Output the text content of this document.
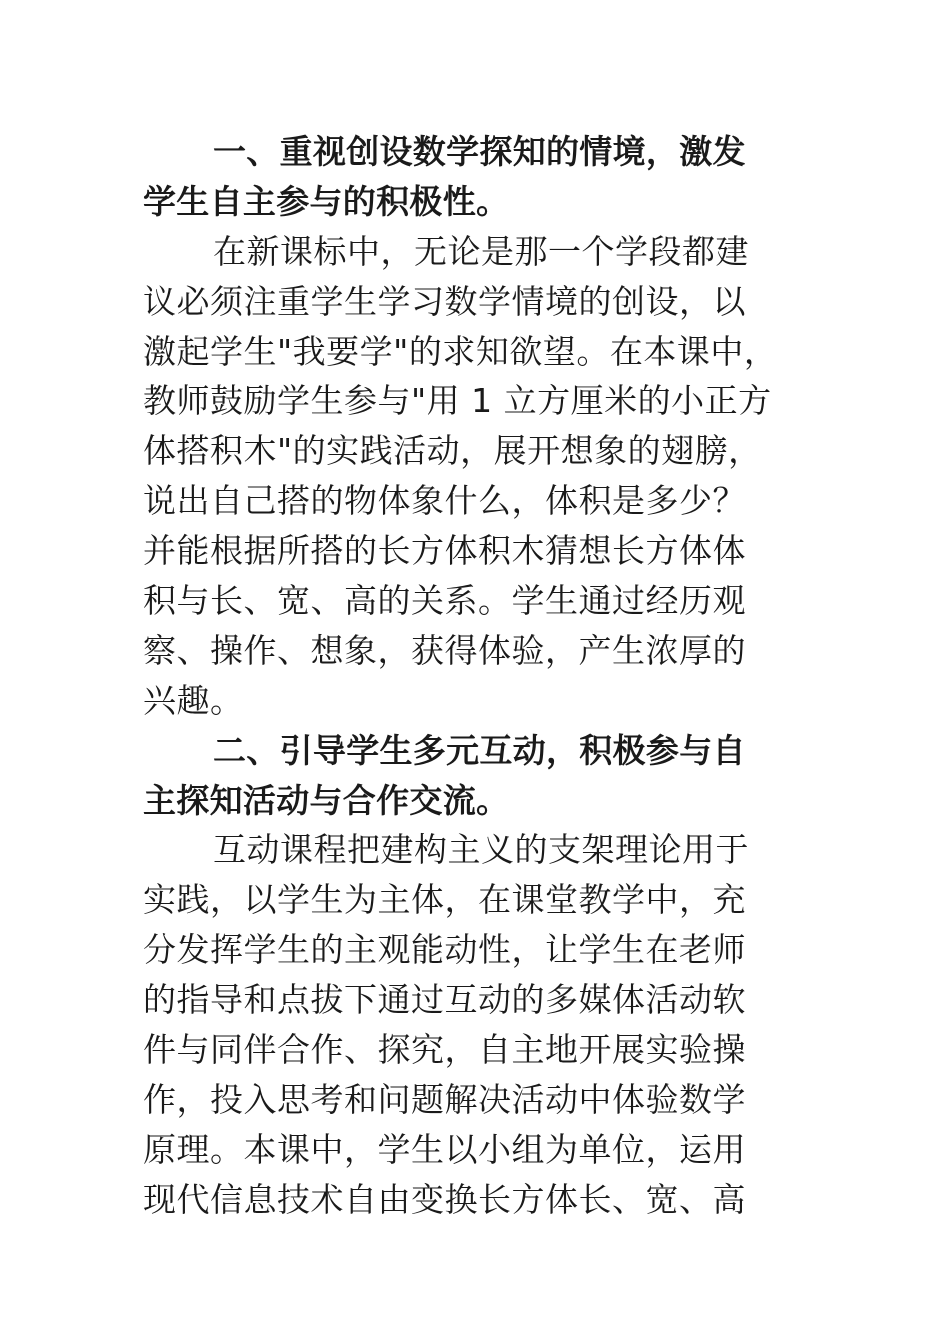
一、重视创设数学探知的情境，激发
学生自主参与的积极性。
在新课标中，无论是那一个学段都建
议必须注重学生学习数学情境的创设，以
激起学生"我要学"的求知欲望。在本课中，
教师鼓励学生参与"用 1 立方厘米的小正方
体搭积木"的实践活动，展开想象的翅膀，
说出自己搭的物体象什么，体积是多少？
并能根据所搭的长方体积木猜想长方体体
积与长、宽、高的关系。学生通过经历观
察、操作、想象，获得体验，产生浓厚的
兴趣。
二、引导学生多元互动，积极参与自
主探知活动与合作交流。
互动课程把建构主义的支架理论用于
实践，以学生为主体，在课堂教学中，充
分发挥学生的主观能动性，让学生在老师
的指导和点拔下通过互动的多媒体活动软
件与同伴合作、探究，自主地开展实验操
作，投入思考和问题解决活动中体验数学
原理。本课中，学生以小组为单位，运用
现代信息技术自由变换长方体长、宽、高
